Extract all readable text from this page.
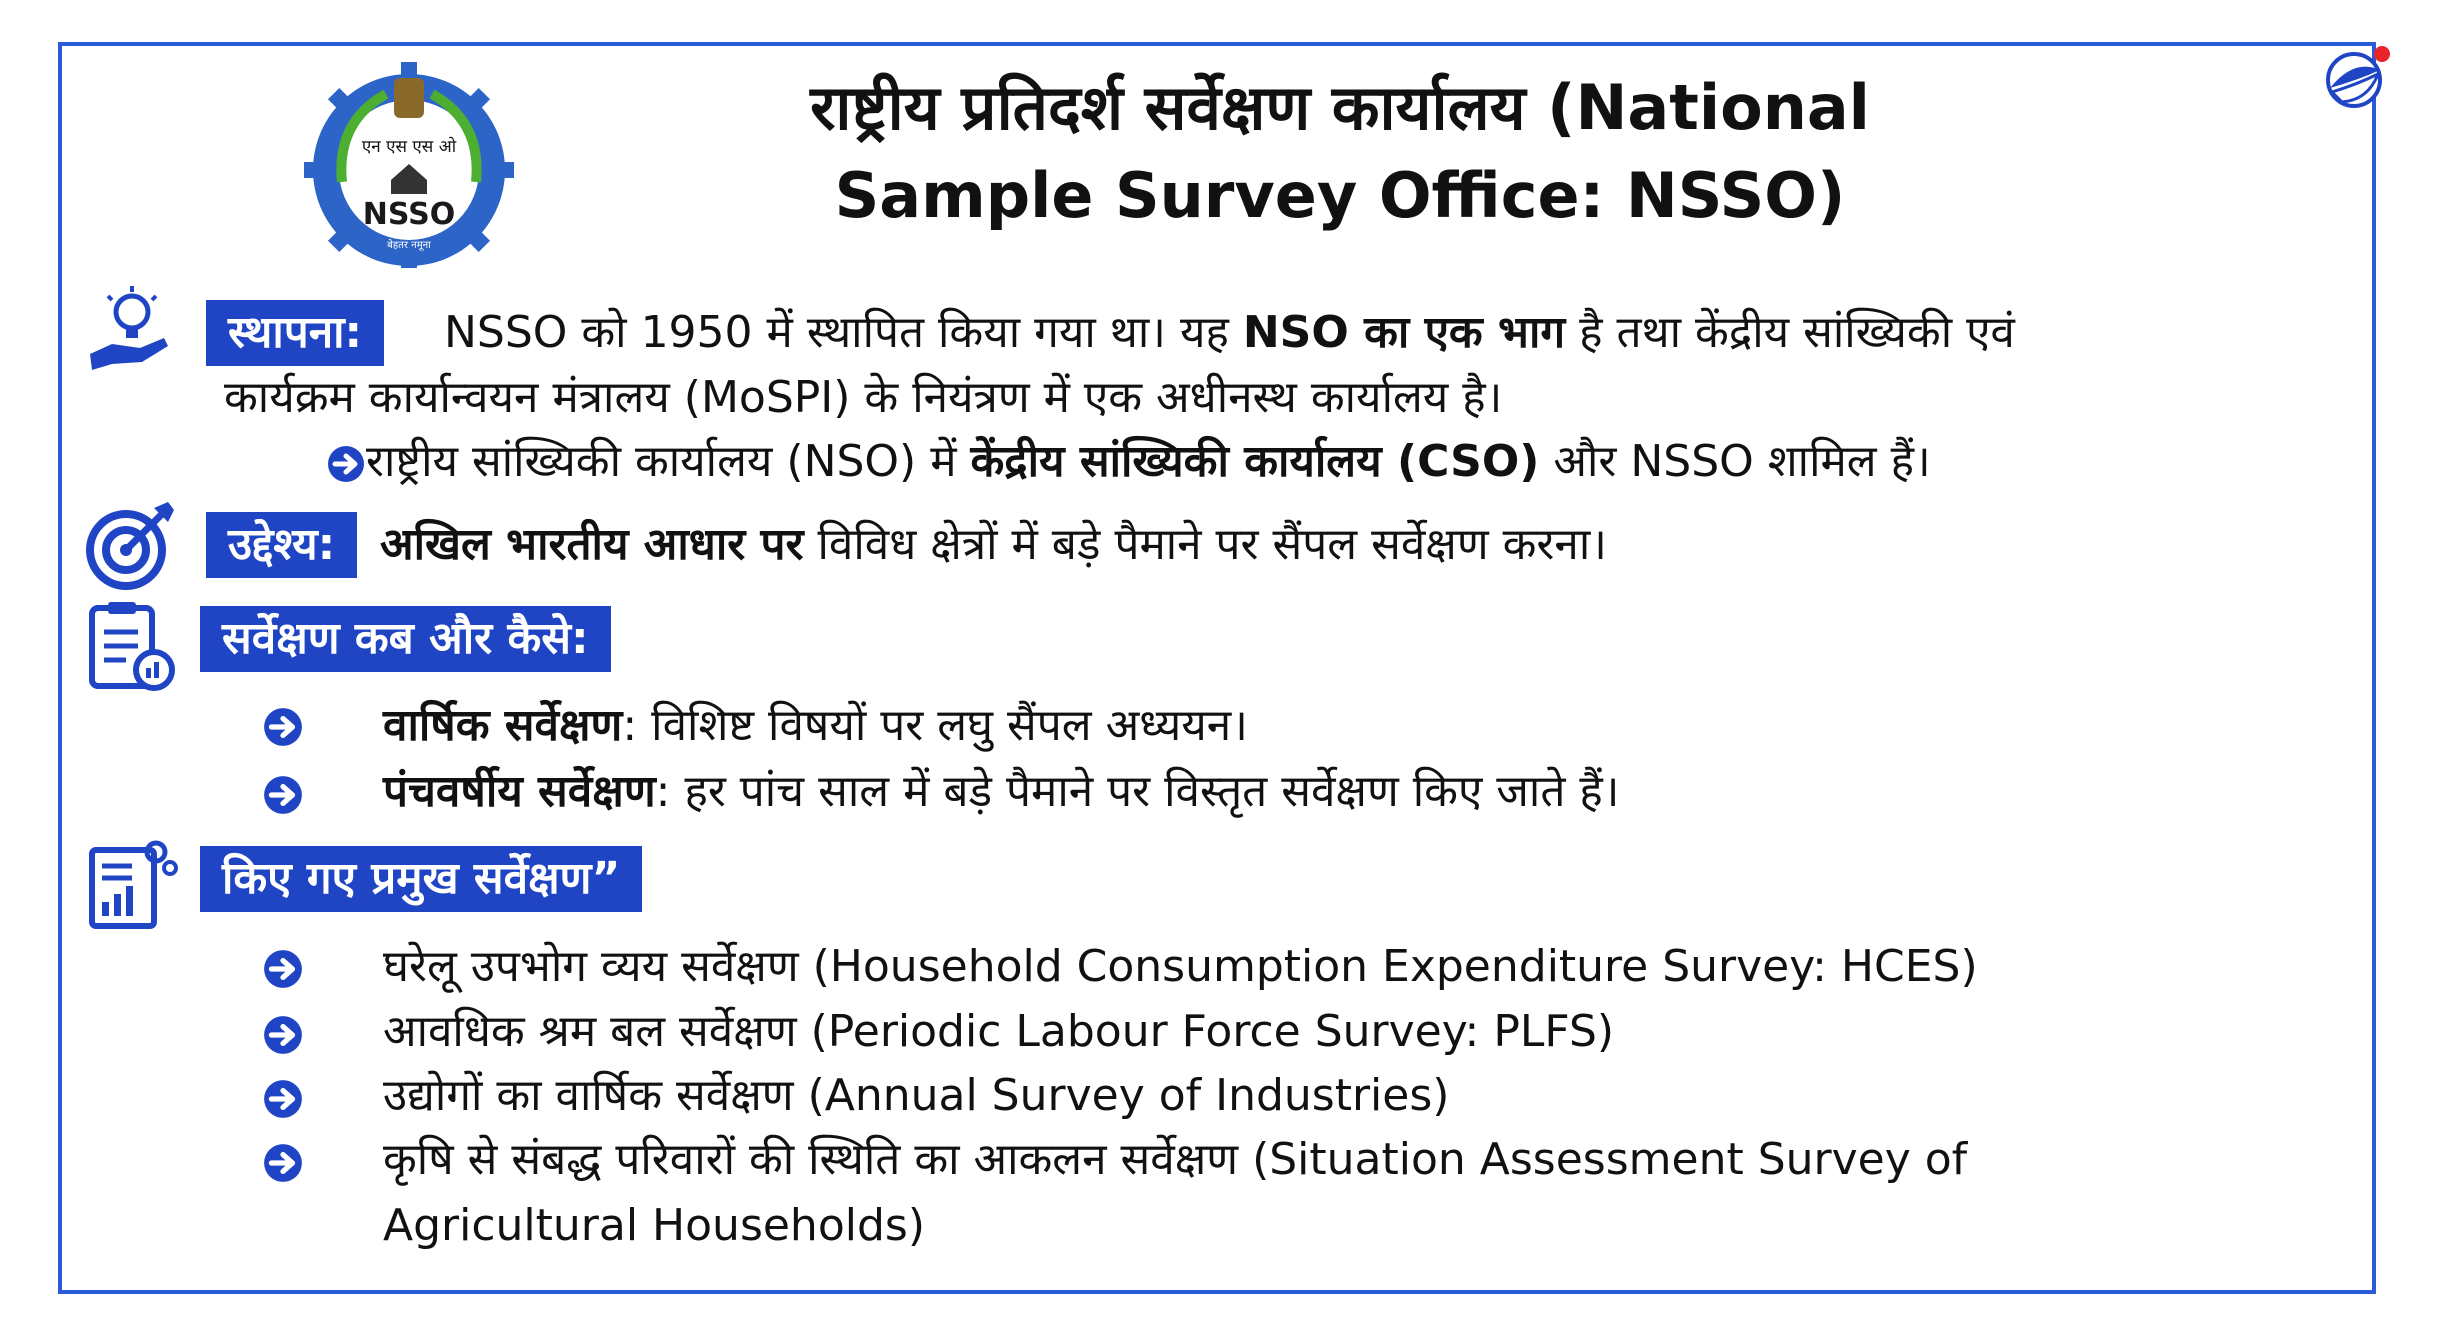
एन एस एस ओ
NSSO
बेहतर नमूना
राष्ट्रीय प्रतिदर्श सर्वेक्षण कार्यालय (National
Sample Survey Office: NSSO)
स्थापना:	NSSO को 1950 में स्थापित किया गया था। यह NSO का एक भाग है तथा केंद्रीय सांख्यिकी एवं
कार्यक्रम कार्यान्वयन मंत्रालय (MoSPI) के नियंत्रण में एक अधीनस्थ कार्यालय है।
राष्ट्रीय सांख्यिकी कार्यालय (NSO) में केंद्रीय सांख्यिकी कार्यालय (CSO) और NSSO शामिल हैं।
उद्देश्य:	अखिल भारतीय आधार पर विविध क्षेत्रों में बड़े पैमाने पर सैंपल सर्वेक्षण करना।
सर्वेक्षण कब और कैसे:
वार्षिक सर्वेक्षण: विशिष्ट विषयों पर लघु सैंपल अध्ययन।
पंचवर्षीय सर्वेक्षण: हर पांच साल में बड़े पैमाने पर विस्तृत सर्वेक्षण किए जाते हैं।
किए गए प्रमुख सर्वेक्षण”
घरेलू उपभोग व्यय सर्वेक्षण (Household Consumption Expenditure Survey: HCES)
आवधिक श्रम बल सर्वेक्षण (Periodic Labour Force Survey: PLFS)
उद्योगों का वार्षिक सर्वेक्षण (Annual Survey of Industries)
कृषि से संबद्ध परिवारों की स्थिति का आकलन सर्वेक्षण (Situation Assessment Survey of
Agricultural Households)
